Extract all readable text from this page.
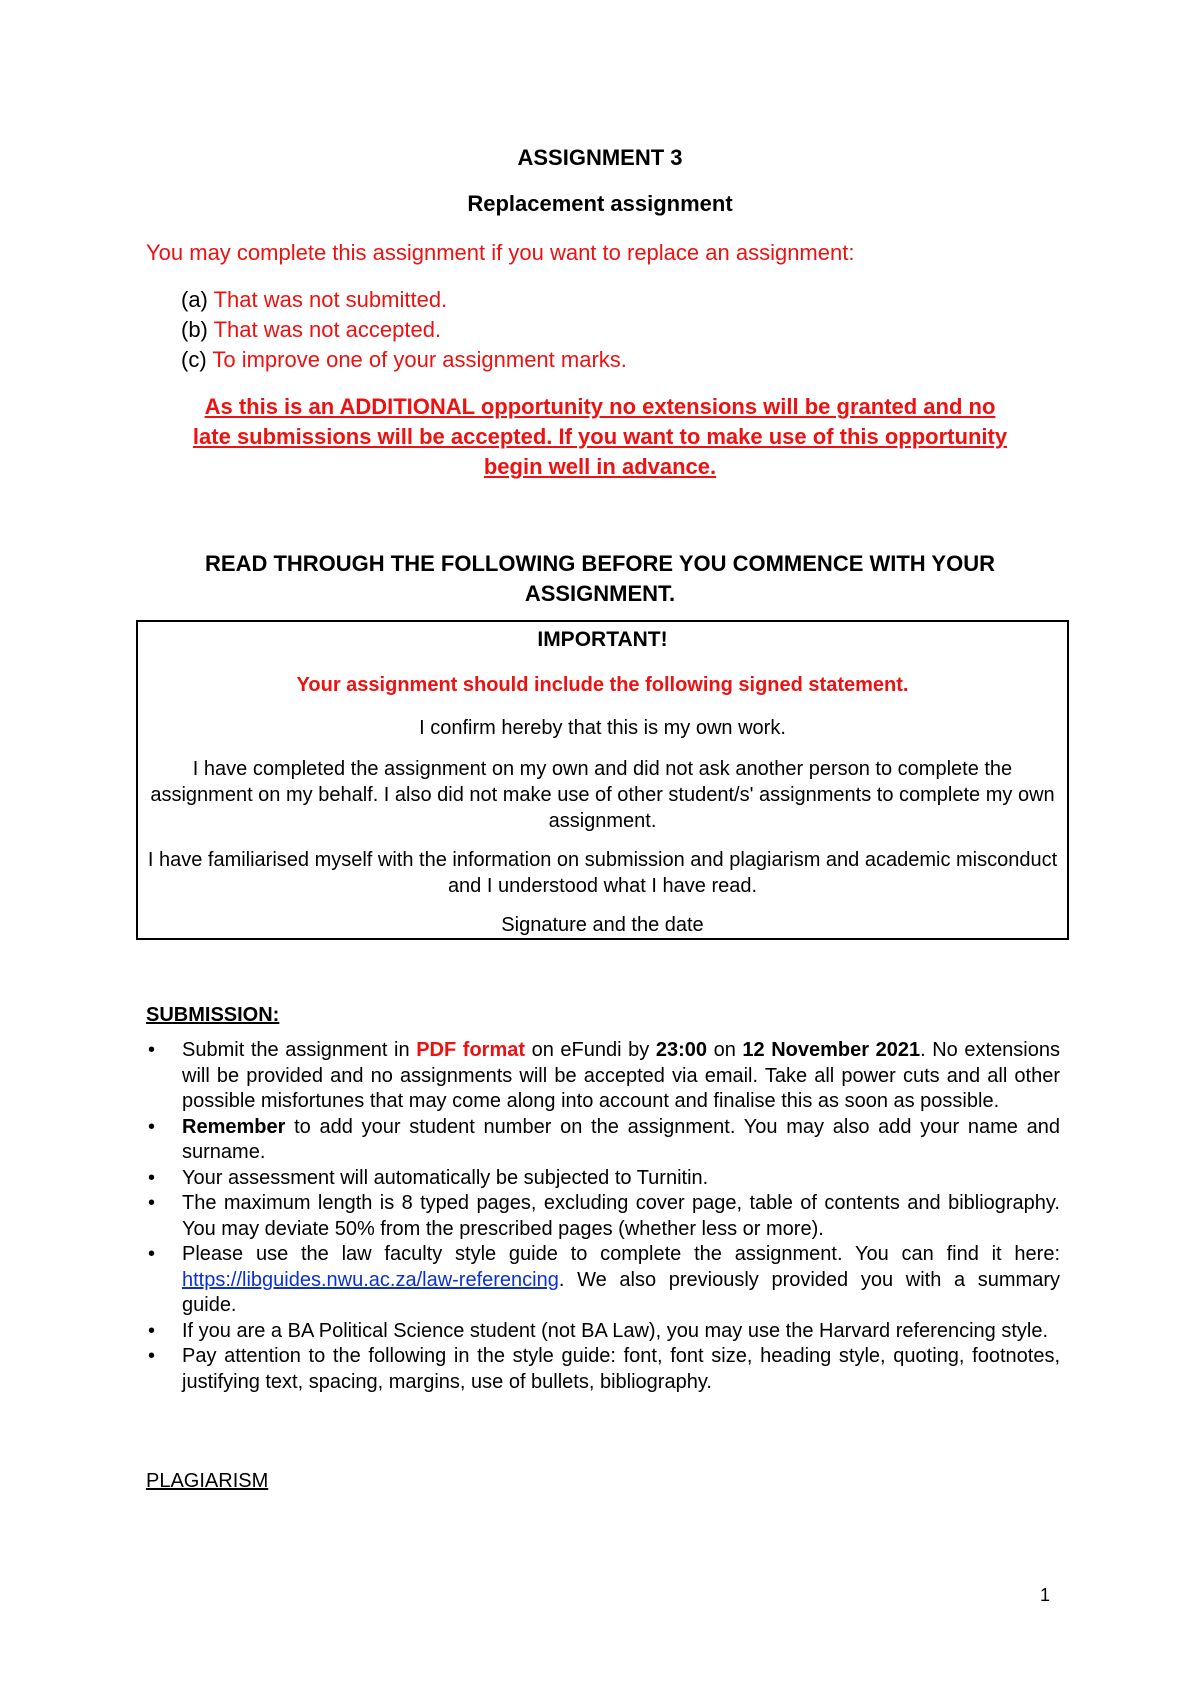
ASSIGNMENT 3
Replacement assignment
You may complete this assignment if you want to replace an assignment:
(a) That was not submitted.
(b) That was not accepted.
(c) To improve one of your assignment marks.
As this is an ADDITIONAL opportunity no extensions will be granted and no
late submissions will be accepted. If you want to make use of this opportunity
begin well in advance.
READ THROUGH THE FOLLOWING BEFORE YOU COMMENCE WITH YOUR
ASSIGNMENT.
IMPORTANT!
Your assignment should include the following signed statement.

I confirm hereby that this is my own work.

I have completed the assignment on my own and did not ask another person to complete the assignment on my behalf. I also did not make use of other student/s' assignments to complete my own assignment.

I have familiarised myself with the information on submission and plagiarism and academic misconduct and I understood what I have read.

Signature and the date

SUBMISSION:
• Submit the assignment in PDF format on eFundi by 23:00 on 12 November 2021. No extensions will be provided and no assignments will be accepted via email. Take all power cuts and all other possible misfortunes that may come along into account and finalise this as soon as possible.
• Remember to add your student number on the assignment. You may also add your name and surname.
• Your assessment will automatically be subjected to Turnitin.
• The maximum length is 8 typed pages, excluding cover page, table of contents and bibliography. You may deviate 50% from the prescribed pages (whether less or more).
• Please use the law faculty style guide to complete the assignment. You can find it here: https://libguides.nwu.ac.za/law-referencing. We also previously provided you with a summary guide.
• If you are a BA Political Science student (not BA Law), you may use the Harvard referencing style.
• Pay attention to the following in the style guide: font, font size, heading style, quoting, footnotes, justifying text, spacing, margins, use of bullets, bibliography.
PLAGIARISM
1
